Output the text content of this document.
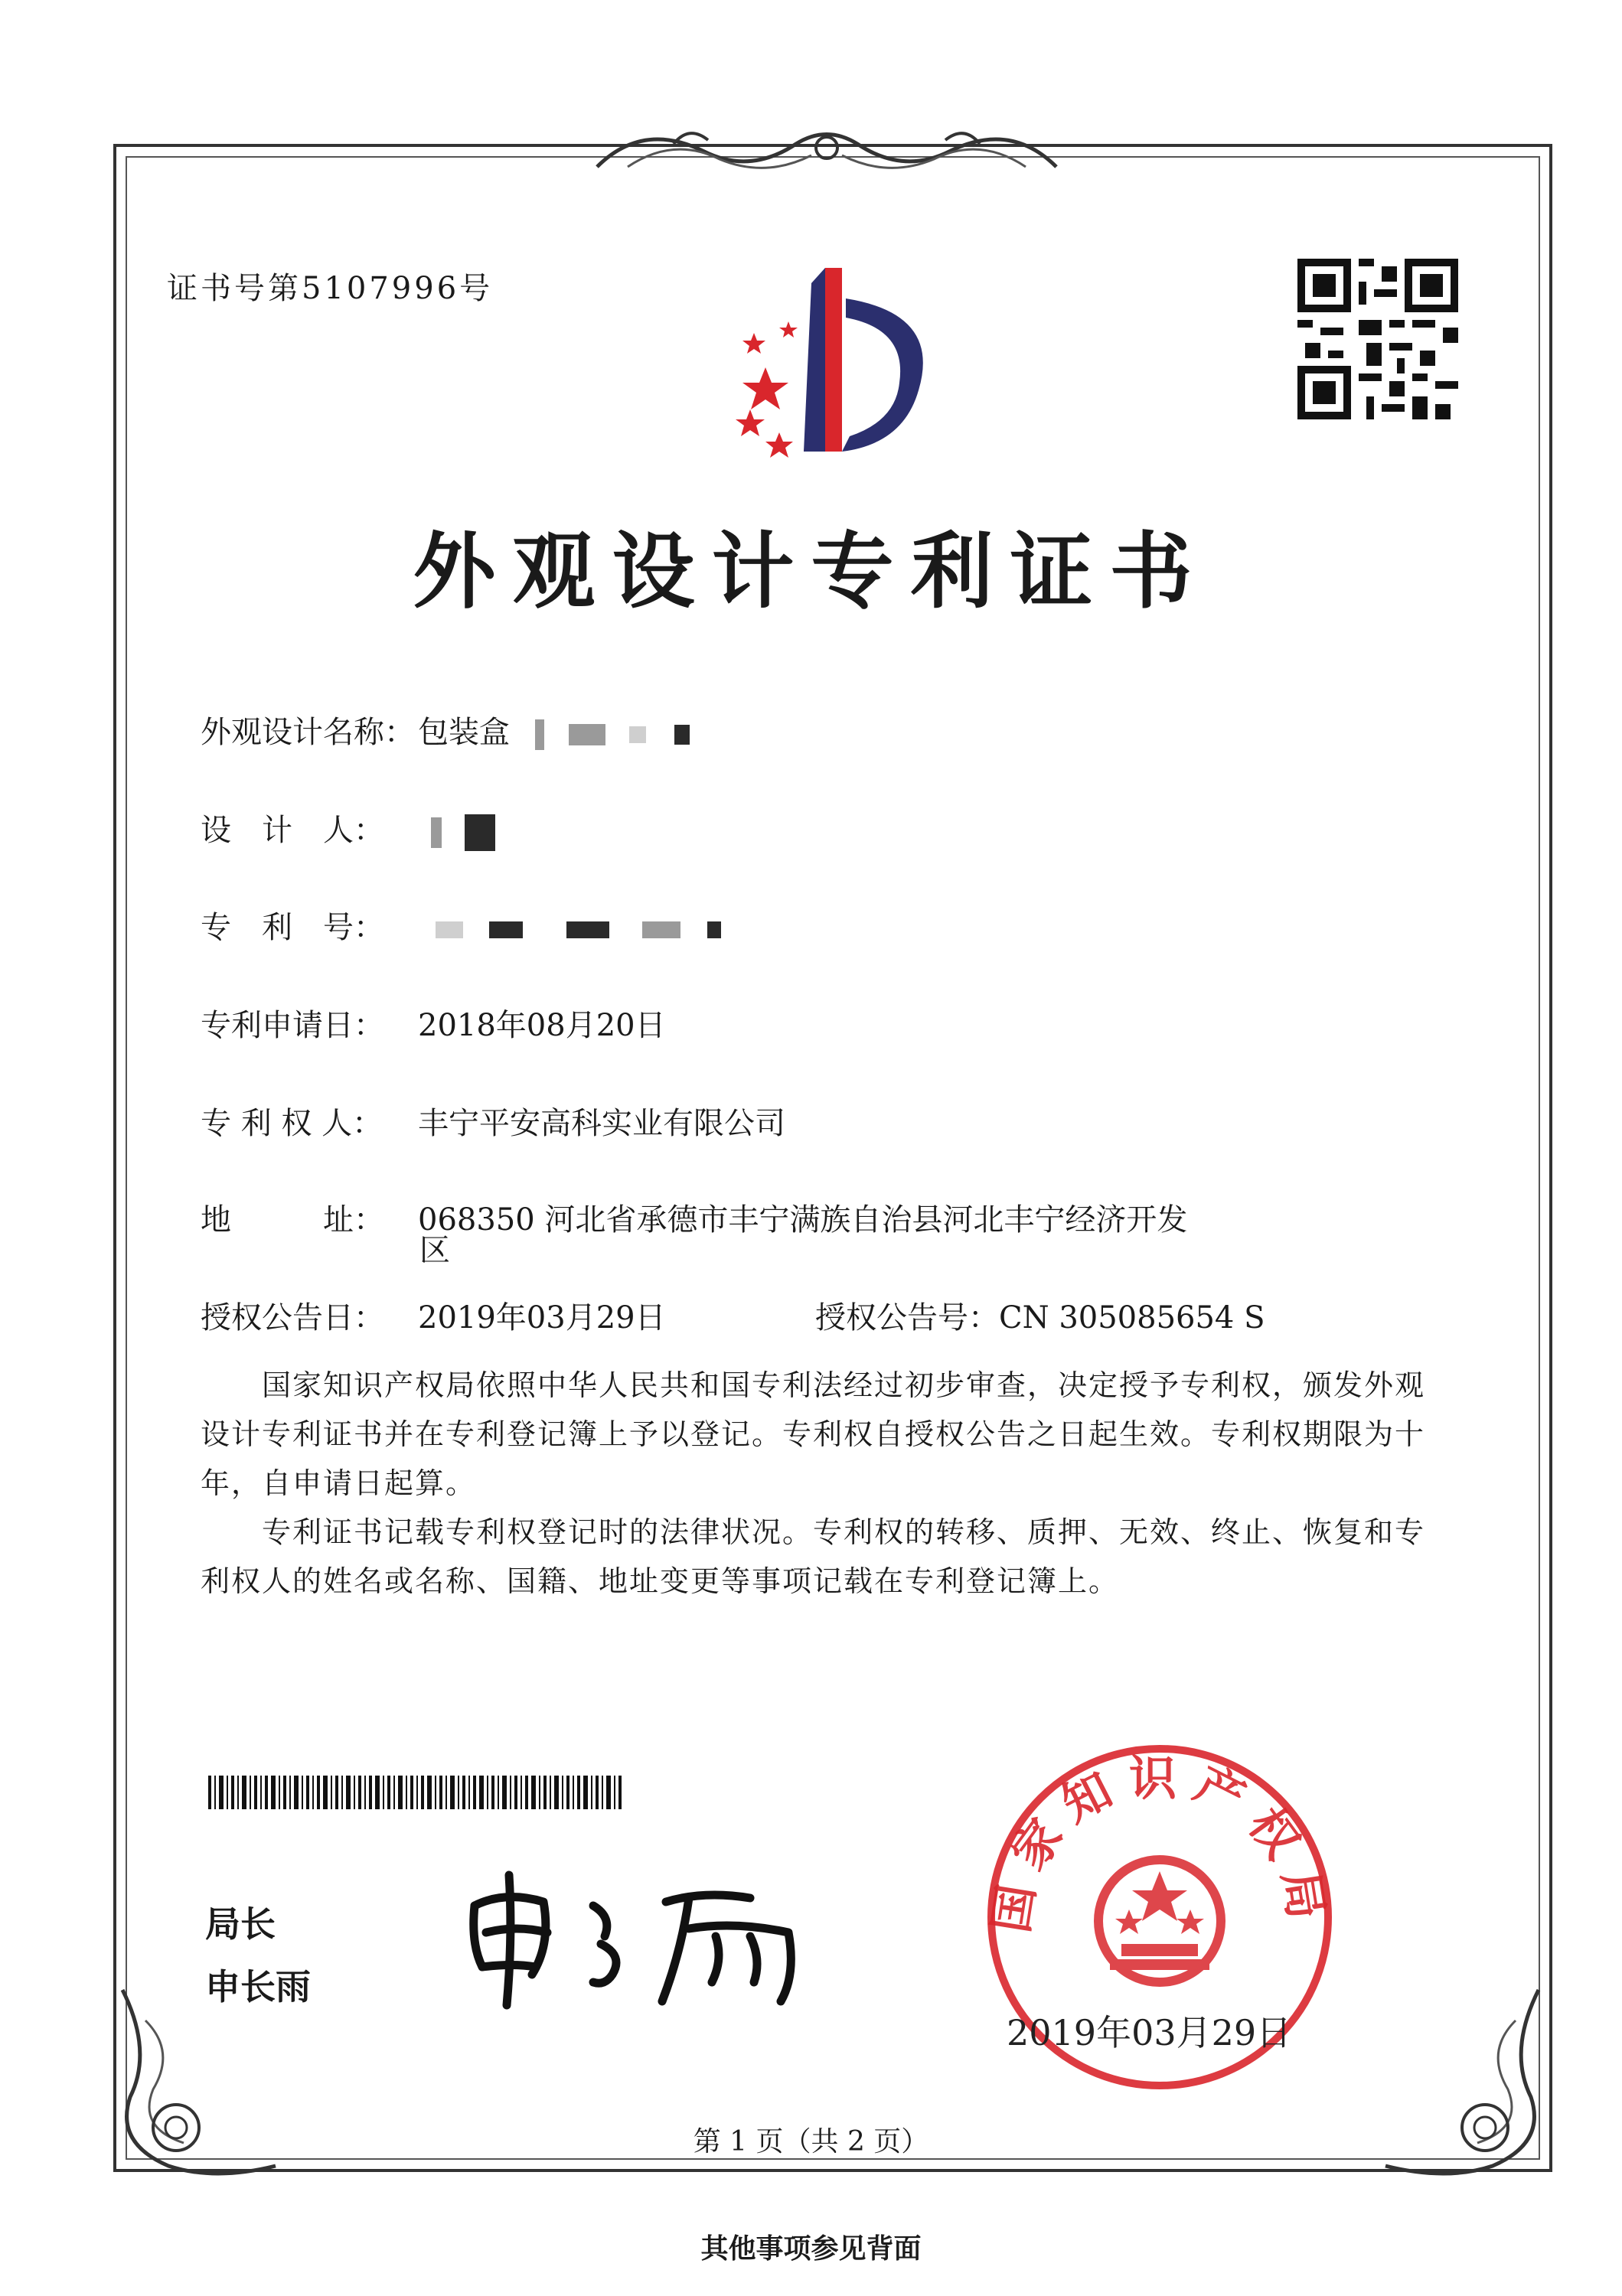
证书号第5107996号
外观设计专利证书
外观设计名称： 包装盒
设　计　人：
专　利　号：
专利申请日： 2018年08月20日
专 利 权 人： 丰宁平安高科实业有限公司
地　　　址： 068350 河北省承德市丰宁满族自治县河北丰宁经济开发
区
授权公告日： 2019年03月29日	授权公告号：CN 305085654 S
　　国家知识产权局依照中华人民共和国专利法经过初步审查，决定授予专利权，颁发外观设计专利证书并在专利登记簿上予以登记。专利权自授权公告之日起生效。专利权期限为十年，自申请日起算。
　　专利证书记载专利权登记时的法律状况。专利权的转移、质押、无效、终止、恢复和专利权人的姓名或名称、国籍、地址变更等事项记载在专利登记簿上。
局长
申长雨
国家知识产权局
2019年03月29日
第 1 页（共 2 页）
其他事项参见背面
